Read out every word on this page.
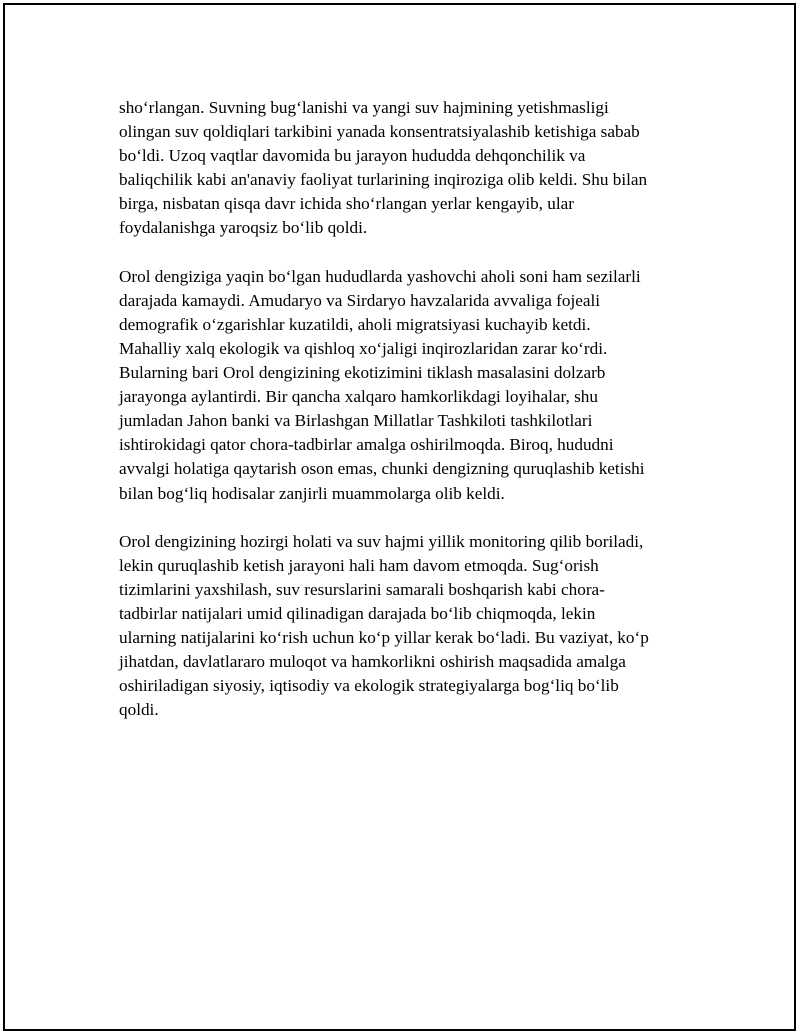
sho‘rlangan. Suvning bug‘lanishi va yangi suv hajmining yetishmasligi
olingan suv qoldiqlari tarkibini yanada konsentratsiyalashib ketishiga sabab
bo‘ldi. Uzoq vaqtlar davomida bu jarayon hududda dehqonchilik va
baliqchilik kabi an'anaviy faoliyat turlarining inqiroziga olib keldi. Shu bilan
birga, nisbatan qisqa davr ichida sho‘rlangan yerlar kengayib, ular
foydalanishga yaroqsiz bo‘lib qoldi.

Orol dengiziga yaqin bo‘lgan hududlarda yashovchi aholi soni ham sezilarli
darajada kamaydi. Amudaryo va Sirdaryo havzalarida avvaliga fojeali
demografik o‘zgarishlar kuzatildi, aholi migratsiyasi kuchayib ketdi.
Mahalliy xalq ekologik va qishloq xo‘jaligi inqirozlaridan zarar ko‘rdi.
Bularning bari Orol dengizining ekotizimini tiklash masalasini dolzarb
jarayonga aylantirdi. Bir qancha xalqaro hamkorlikdagi loyihalar, shu
jumladan Jahon banki va Birlashgan Millatlar Tashkiloti tashkilotlari
ishtirokidagi qator chora-tadbirlar amalga oshirilmoqda. Biroq, hududni
avvalgi holatiga qaytarish oson emas, chunki dengizning quruqlashib ketishi
bilan bog‘liq hodisalar zanjirli muammolarga olib keldi.

Orol dengizining hozirgi holati va suv hajmi yillik monitoring qilib boriladi,
lekin quruqlashib ketish jarayoni hali ham davom etmoqda. Sug‘orish
tizimlarini yaxshilash, suv resurslarini samarali boshqarish kabi chora-
tadbirlar natijalari umid qilinadigan darajada bo‘lib chiqmoqda, lekin
ularning natijalarini ko‘rish uchun ko‘p yillar kerak bo‘ladi. Bu vaziyat, ko‘p
jihatdan, davlatlararo muloqot va hamkorlikni oshirish maqsadida amalga
oshiriladigan siyosiy, iqtisodiy va ekologik strategiyalarga bog‘liq bo‘lib
qoldi.
